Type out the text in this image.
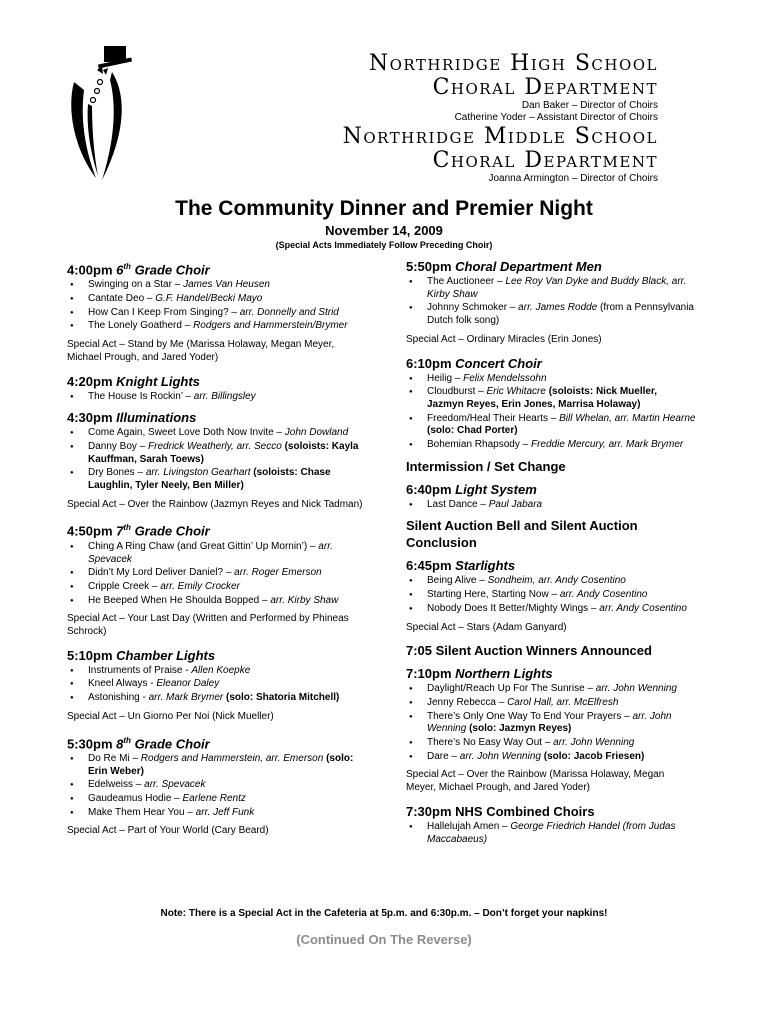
Northridge High School
Choral Department
Dan Baker – Director of Choirs
Catherine Yoder – Assistant Director of Choirs
Northridge Middle School
Choral Department
Joanna Armington – Director of Choirs
The Community Dinner and Premier Night
November 14, 2009
(Special Acts Immediately Follow Preceding Choir)
4:00pm 6th Grade Choir
● Swinging on a Star – James Van Heusen
● Cantate Deo – G.F. Handel/Becki Mayo
● How Can I Keep From Singing? – arr. Donnelly and Strid
● The Lonely Goatherd – Rodgers and Hammerstein/Brymer
Special Act – Stand by Me (Marissa Holaway, Megan Meyer, Michael Prough, and Jared Yoder)
4:20pm Knight Lights
● The House Is Rockin’ – arr. Billingsley
4:30pm Illuminations
● Come Again, Sweet Love Doth Now Invite – John Dowland
● Danny Boy – Fredrick Weatherly, arr. Secco (soloists: Kayla Kauffman, Sarah Toews)
● Dry Bones – arr. Livingston Gearhart (soloists: Chase Laughlin, Tyler Neely, Ben Miller)
Special Act – Over the Rainbow (Jazmyn Reyes and Nick Tadman)
4:50pm 7th Grade Choir
● Ching A Ring Chaw (and Great Gittin’ Up Mornin’) – arr. Spevacek
● Didn’t My Lord Deliver Daniel? – arr. Roger Emerson
● Cripple Creek – arr. Emily Crocker
● He Beeped When He Shoulda Bopped – arr. Kirby Shaw
Special Act – Your Last Day (Written and Performed by Phineas Schrock)
5:10pm Chamber Lights
● Instruments of Praise - Allen Koepke
● Kneel Always - Eleanor Daley
● Astonishing - arr. Mark Brymer (solo: Shatoria Mitchell)
Special Act – Un Giorno Per Noi (Nick Mueller)
5:30pm 8th Grade Choir
● Do Re Mi – Rodgers and Hammerstein, arr. Emerson (solo: Erin Weber)
● Edelweiss – arr. Spevacek
● Gaudeamus Hodie – Earlene Rentz
● Make Them Hear You – arr. Jeff Funk
Special Act – Part of Your World (Cary Beard)
5:50pm Choral Department Men
● The Auctioneer – Lee Roy Van Dyke and Buddy Black, arr. Kirby Shaw
● Johnny Schmoker – arr. James Rodde (from a Pennsylvania Dutch folk song)
Special Act – Ordinary Miracles (Erin Jones)
6:10pm Concert Choir
● Heilig – Felix Mendelssohn
● Cloudburst – Eric Whitacre (soloists: Nick Mueller, Jazmyn Reyes, Erin Jones, Marrisa Holaway)
● Freedom/Heal Their Hearts – Bill Whelan, arr. Martin Hearne (solo: Chad Porter)
● Bohemian Rhapsody – Freddie Mercury, arr. Mark Brymer
Intermission / Set Change
6:40pm Light System
● Last Dance – Paul Jabara
Silent Auction Bell and Silent Auction Conclusion
6:45pm Starlights
● Being Alive – Sondheim, arr. Andy Cosentino
● Starting Here, Starting Now – arr. Andy Cosentino
● Nobody Does It Better/Mighty Wings – arr. Andy Cosentino
Special Act – Stars (Adam Ganyard)
7:05 Silent Auction Winners Announced
7:10pm Northern Lights
● Daylight/Reach Up For The Sunrise – arr. John Wenning
● Jenny Rebecca – Carol Hall, arr. McElfresh
● There’s Only One Way To End Your Prayers – arr. John Wenning (solo: Jazmyn Reyes)
● There’s No Easy Way Out – arr. John Wenning
● Dare – arr. John Wenning (solo: Jacob Friesen)
Special Act – Over the Rainbow (Marissa Holaway, Megan Meyer, Michael Prough, and Jared Yoder)
7:30pm NHS Combined Choirs
● Hallelujah Amen – George Friedrich Handel (from Judas Maccabaeus)
Note: There is a Special Act in the Cafeteria at 5p.m. and 6:30p.m. – Don’t forget your napkins!
(Continued On The Reverse)
